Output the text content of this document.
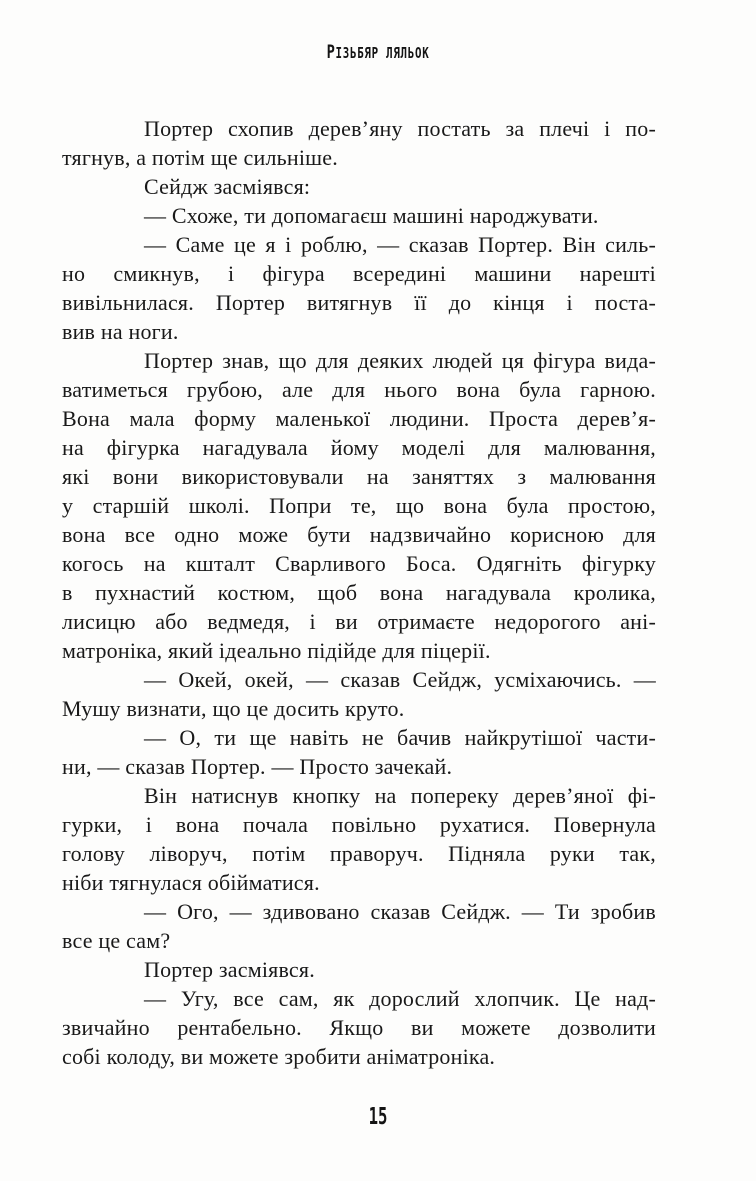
РІЗЬБЯР ЛЯЛЬОК
Портер схопив дерев’яну постать за плечі і по-
тягнув, а потім ще сильніше.
Сейдж засміявся:
— Схоже, ти допомагаєш машині народжувати.
— Саме це я і роблю, — сказав Портер. Він силь-
но смикнув, і фігура всередині машини нарешті
вивільнилася. Портер витягнув її до кінця і поста-
вив на ноги.
Портер знав, що для деяких людей ця фігура вида-
ватиметься грубою, але для нього вона була гарною.
Вона мала форму маленької людини. Проста дерев’я-
на фігурка нагадувала йому моделі для малювання,
які вони використовували на заняттях з малювання
у старшій школі. Попри те, що вона була простою,
вона все одно може бути надзвичайно корисною для
когось на кшталт Сварливого Боса. Одягніть фігурку
в пухнастий костюм, щоб вона нагадувала кролика,
лисицю або ведмедя, і ви отримаєте недорогого ані-
матроніка, який ідеально підійде для піцерії.
— Окей, окей, — сказав Сейдж, усміхаючись. —
Мушу визнати, що це досить круто.
— О, ти ще навіть не бачив найкрутішої части-
ни, — сказав Портер. — Просто зачекай.
Він натиснув кнопку на попереку дерев’яної фі-
гурки, і вона почала повільно рухатися. Повернула
голову ліворуч, потім праворуч. Підняла руки так,
ніби тягнулася обійматися.
— Ого, — здивовано сказав Сейдж. — Ти зробив
все це сам?
Портер засміявся.
— Угу, все сам, як дорослий хлопчик. Це над-
звичайно рентабельно. Якщо ви можете дозволити
собі колоду, ви можете зробити аніматроніка.
15
